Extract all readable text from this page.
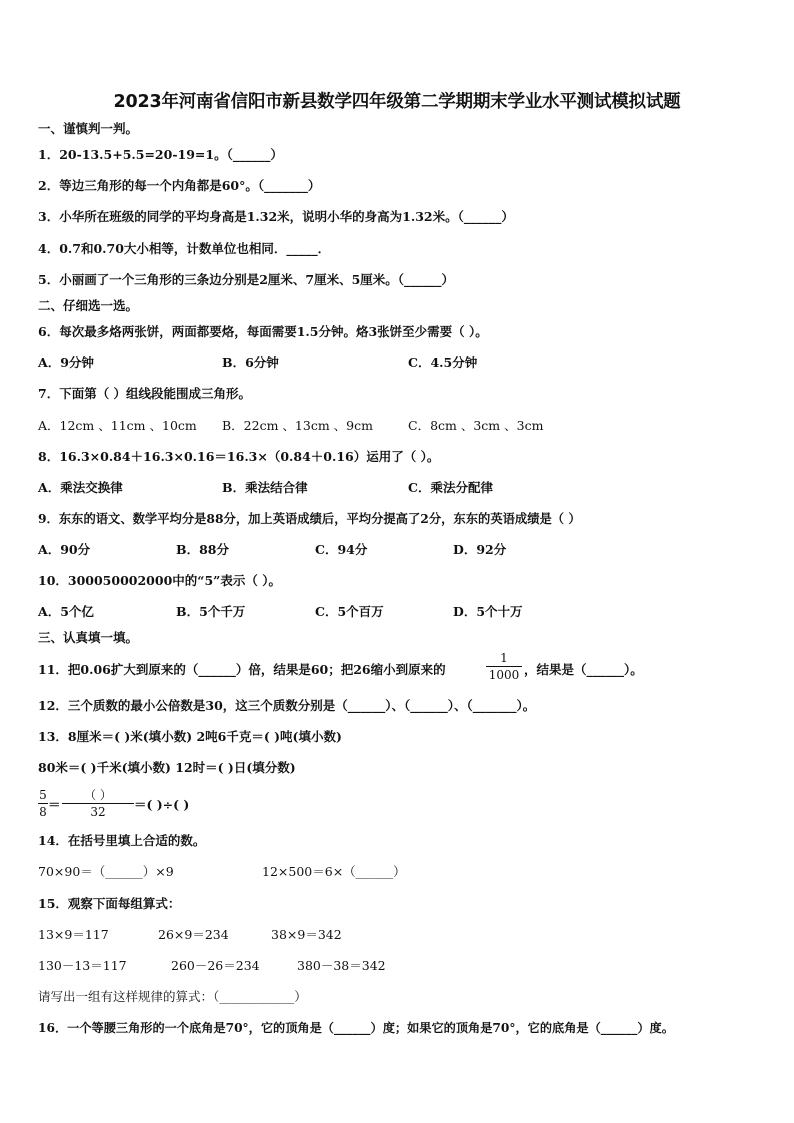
2023年河南省信阳市新县数学四年级第二学期期末学业水平测试模拟试题
一、谨慎判一判。
1．20-13.5+5.5=20-19=1。（______）
2．等边三角形的每一个内角都是60°。（_______）
3．小华所在班级的同学的平均身高是1.32米，说明小华的身高为1.32米。（______）
4．0.7和0.70大小相等，计数单位也相同．_____．
5．小丽画了一个三角形的三条边分别是2厘米、7厘米、5厘米。（______）
二、仔细选一选。
6．每次最多烙两张饼，两面都要烙，每面需要1.5分钟。烙3张饼至少需要（ ）。
A．9分钟	B．6分钟	C．4.5分钟
7．下面第（ ）组线段能围成三角形。
A．12cm 、11cm 、10cm B．22cm 、13cm 、9cm	C．8cm 、3cm 、3cm
8．16.3×0.84＋16.3×0.16＝16.3×（0.84＋0.16）运用了（ ）。
A．乘法交换律	B．乘法结合律	C．乘法分配律
9．东东的语文、数学平均分是88分，加上英语成绩后，平均分提高了2分，东东的英语成绩是（ ）
A．90分	B．88分	C．94分	D．92分
10．300050002000中的“5”表示（ ）。
A．5个亿	B．5个千万	C．5个百万	D．5个十万
三、认真填一填。
11．把0.06扩大到原来的（______）倍，结果是60；把26缩小到原来的
1
1000 ，结果是（______）。
12．三个质数的最小公倍数是30，这三个质数分别是（______）、（______）、（_______）。
13．8厘米＝( )米(填小数) 2吨6千克＝( )吨(填小数)
80米＝( )千米(填小数) 12时＝( )日(填分数)
5
8 ＝
（ ）
32	＝( )÷( )
14．在括号里填上合适的数。
70×90＝（______）×9	12×500＝6×（______）
15．观察下面每组算式：
13×9＝117	26×9＝234	38×9＝342
130－13＝117	260－26＝234	380－38＝342
请写出一组有这样规律的算式：（____________）
16．一个等腰三角形的一个底角是70°，它的顶角是（______）度；如果它的顶角是70°，它的底角是（______）度。
